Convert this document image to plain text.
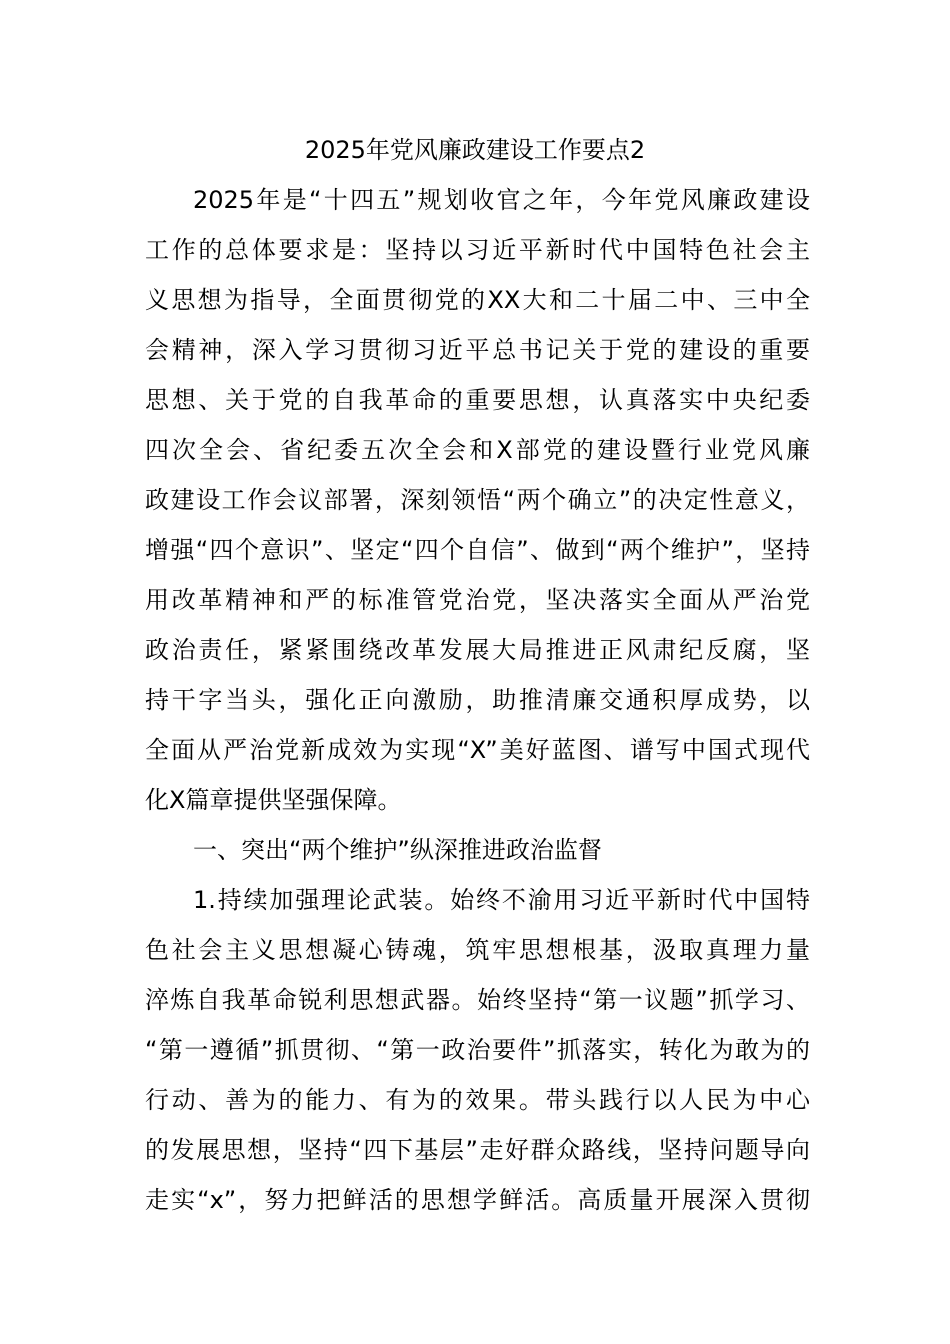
2025年党风廉政建设工作要点2
2025年是“十四五”规划收官之年，今年党风廉政建设
工作的总体要求是：坚持以习近平新时代中国特色社会主
义思想为指导，全面贯彻党的XX大和二十届二中、三中全
会精神，深入学习贯彻习近平总书记关于党的建设的重要
思想、关于党的自我革命的重要思想，认真落实中央纪委
四次全会、省纪委五次全会和X部党的建设暨行业党风廉
政建设工作会议部署，深刻领悟“两个确立”的决定性意义，
增强“四个意识”、坚定“四个自信”、做到“两个维护”，坚持
用改革精神和严的标准管党治党，坚决落实全面从严治党
政治责任，紧紧围绕改革发展大局推进正风肃纪反腐，坚
持干字当头，强化正向激励，助推清廉交通积厚成势，以
全面从严治党新成效为实现“X”美好蓝图、谱写中国式现代
化X篇章提供坚强保障。
一、突出“两个维护”纵深推进政治监督
1.持续加强理论武装。始终不渝用习近平新时代中国特
色社会主义思想凝心铸魂，筑牢思想根基，汲取真理力量
淬炼自我革命锐利思想武器。始终坚持“第一议题”抓学习、
“第一遵循”抓贯彻、“第一政治要件”抓落实，转化为敢为的
行动、善为的能力、有为的效果。带头践行以人民为中心
的发展思想，坚持“四下基层”走好群众路线，坚持问题导向
走实“x”，努力把鲜活的思想学鲜活。高质量开展深入贯彻
